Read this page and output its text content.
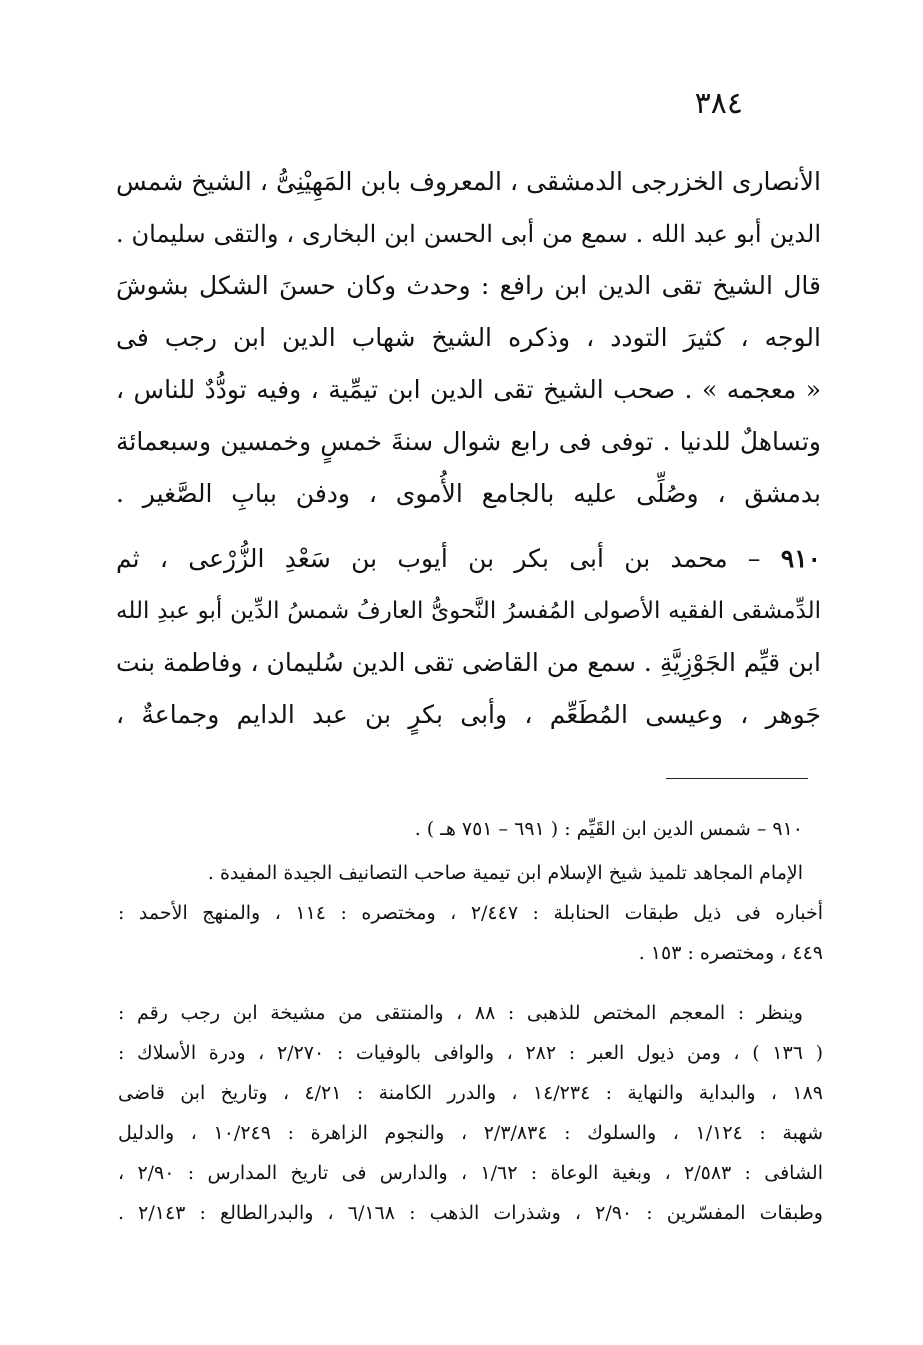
٣٨٤
الأنصارى الخزرجى الدمشقى ، المعروف بابن المَهِيْنِىُّ ، الشيخ شمس
الدين أبو عبد الله . سمع من أبى الحسن ابن البخارى ، والتقى سليمان .
قال الشيخ تقى الدين ابن رافع : وحدث وكان حسنَ الشكل بشوشَ
الوجه ، كثيرَ التودد ، وذكره الشيخ شهاب الدين ابن رجب فى
« معجمه » . صحب الشيخ تقى الدين ابن تيمِّية ، وفيه تودُّدٌ للناس ،
وتساهلٌ للدنيا . توفى فى رابع شوال سنةَ خمسٍ وخمسين وسبعمائة
بدمشق ، وصُلِّى عليه بالجامع الأُموى ، ودفن ببابِ الصَّغير .
٩١٠ – محمد بن أبى بكر بن أيوب بن سَعْدِ الزُّرْعى ، ثم
الدِّمشقى الفقيه الأصولى المُفسرُ النَّحوىُّ العارفُ شمسُ الدِّين أبو عبدِ الله
ابن قيِّم الجَوْزِيَّةِ . سمع من القاضى تقى الدين سُليمان ، وفاطمة بنت
جَوهر ، وعيسى المُطَعِّم ، وأبى بكرٍ بن عبد الدايم وجماعةٌ ،
٩١٠ – شمس الدين ابن القَيِّم : ( ٦٩١ – ٧٥١ هـ ) .
الإمام المجاهد تلميذ شيخ الإسلام ابن تيمية صاحب التصانيف الجيدة المفيدة .
أخباره فى ذيل طبقات الحنابلة : ٢/٤٤٧ ، ومختصره : ١١٤ ، والمنهج الأحمد :
٤٤٩ ، ومختصره : ١٥٣ .
وينظر : المعجم المختص للذهبى : ٨٨ ، والمنتقى من مشيخة ابن رجب رقم :
( ١٣٦ ) ، ومن ذيول العبر : ٢٨٢ ، والوافى بالوفيات : ٢/٢٧٠ ، ودرة الأسلاك :
١٨٩ ، والبداية والنهاية : ١٤/٢٣٤ ، والدرر الكامنة : ٤/٢١ ، وتاريخ ابن قاضى
شهبة : ١/١٢٤ ، والسلوك : ٢/٣/٨٣٤ ، والنجوم الزاهرة : ١٠/٢٤٩ ، والدليل
الشافى : ٢/٥٨٣ ، وبغية الوعاة : ١/٦٢ ، والدارس فى تاريخ المدارس : ٢/٩٠ ،
وطبقات المفسّرين : ٢/٩٠ ، وشذرات الذهب : ٦/١٦٨ ، والبدرالطالع : ٢/١٤٣ .
